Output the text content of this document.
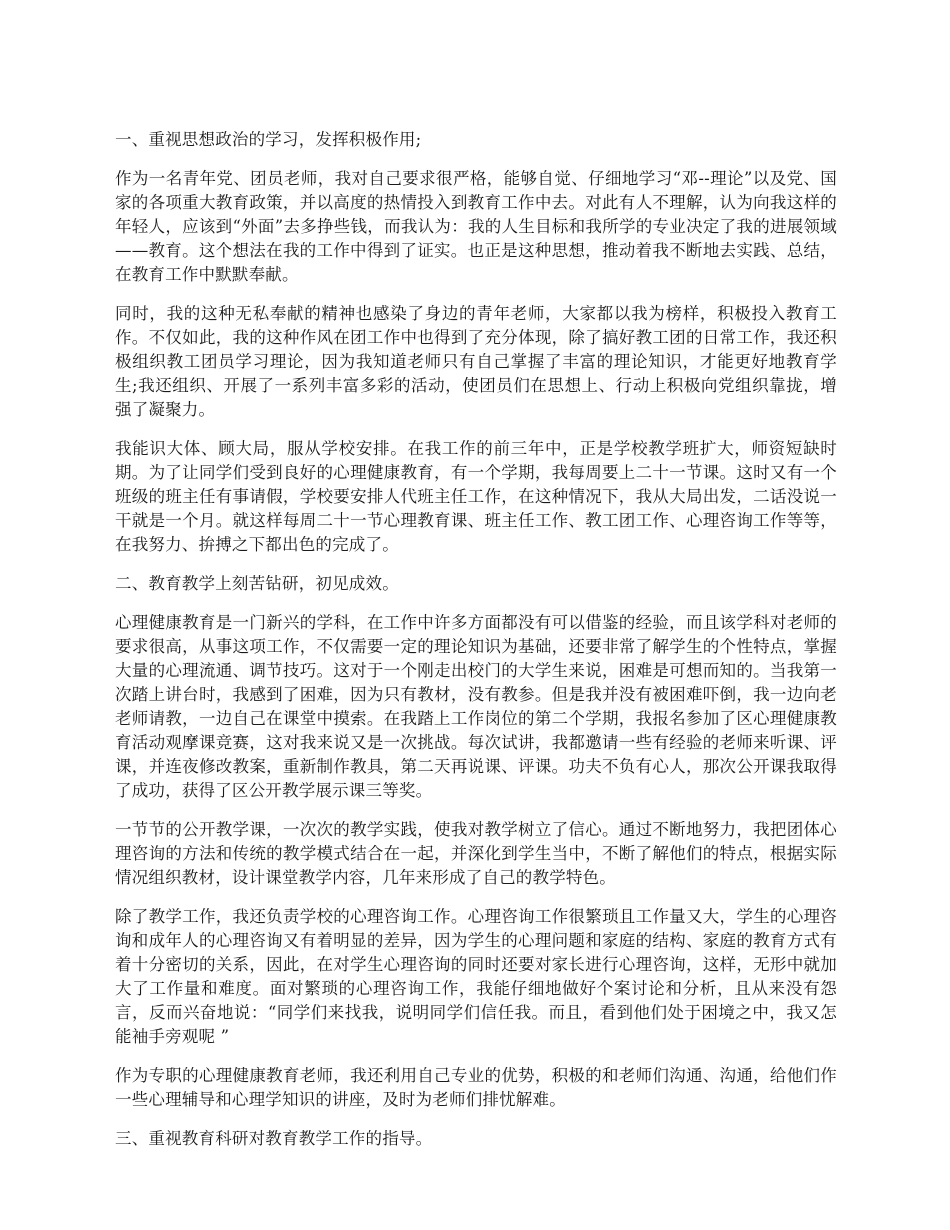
一、重视思想政治的学习，发挥积极作用;

作为一名青年党、团员老师，我对自己要求很严格，能够自觉、仔细地学习“邓--理论”以及党、国家的各项重大教育政策，并以高度的热情投入到教育工作中去。对此有人不理解，认为向我这样的年轻人，应该到“外面”去多挣些钱，而我认为：我的人生目标和我所学的专业决定了我的进展领域——教育。这个想法在我的工作中得到了证实。也正是这种思想，推动着我不断地去实践、总结，在教育工作中默默奉献。

同时，我的这种无私奉献的精神也感染了身边的青年老师，大家都以我为榜样，积极投入教育工作。不仅如此，我的这种作风在团工作中也得到了充分体现，除了搞好教工团的日常工作，我还积极组织教工团员学习理论，因为我知道老师只有自己掌握了丰富的理论知识，才能更好地教育学生;我还组织、开展了一系列丰富多彩的活动，使团员们在思想上、行动上积极向党组织靠拢，增强了凝聚力。

我能识大体、顾大局，服从学校安排。在我工作的前三年中，正是学校教学班扩大，师资短缺时期。为了让同学们受到良好的心理健康教育，有一个学期，我每周要上二十一节课。这时又有一个班级的班主任有事请假，学校要安排人代班主任工作，在这种情况下，我从大局出发，二话没说一干就是一个月。就这样每周二十一节心理教育课、班主任工作、教工团工作、心理咨询工作等等，在我努力、拚搏之下都出色的完成了。

二、教育教学上刻苦钻研，初见成效。

心理健康教育是一门新兴的学科，在工作中许多方面都没有可以借鉴的经验，而且该学科对老师的要求很高，从事这项工作，不仅需要一定的理论知识为基础，还要非常了解学生的个性特点，掌握大量的心理流通、调节技巧。这对于一个刚走出校门的大学生来说，困难是可想而知的。当我第一次踏上讲台时，我感到了困难，因为只有教材，没有教参。但是我并没有被困难吓倒，我一边向老老师请教，一边自己在课堂中摸索。在我踏上工作岗位的第二个学期，我报名参加了区心理健康教育活动观摩课竞赛，这对我来说又是一次挑战。每次试讲，我都邀请一些有经验的老师来听课、评课，并连夜修改教案，重新制作教具，第二天再说课、评课。功夫不负有心人，那次公开课我取得了成功，获得了区公开教学展示课三等奖。

一节节的公开教学课，一次次的教学实践，使我对教学树立了信心。通过不断地努力，我把团体心理咨询的方法和传统的教学模式结合在一起，并深化到学生当中，不断了解他们的特点，根据实际情况组织教材，设计课堂教学内容，几年来形成了自己的教学特色。

除了教学工作，我还负责学校的心理咨询工作。心理咨询工作很繁琐且工作量又大，学生的心理咨询和成年人的心理咨询又有着明显的差异，因为学生的心理问题和家庭的结构、家庭的教育方式有着十分密切的关系，因此，在对学生心理咨询的同时还要对家长进行心理咨询，这样，无形中就加大了工作量和难度。面对繁琐的心理咨询工作，我能仔细地做好个案讨论和分析，且从来没有怨言，反而兴奋地说：“同学们来找我，说明同学们信任我。而且，看到他们处于困境之中，我又怎能袖手旁观呢 ”

作为专职的心理健康教育老师，我还利用自己专业的优势，积极的和老师们沟通、沟通，给他们作一些心理辅导和心理学知识的讲座，及时为老师们排忧解难。

三、重视教育科研对教育教学工作的指导。
